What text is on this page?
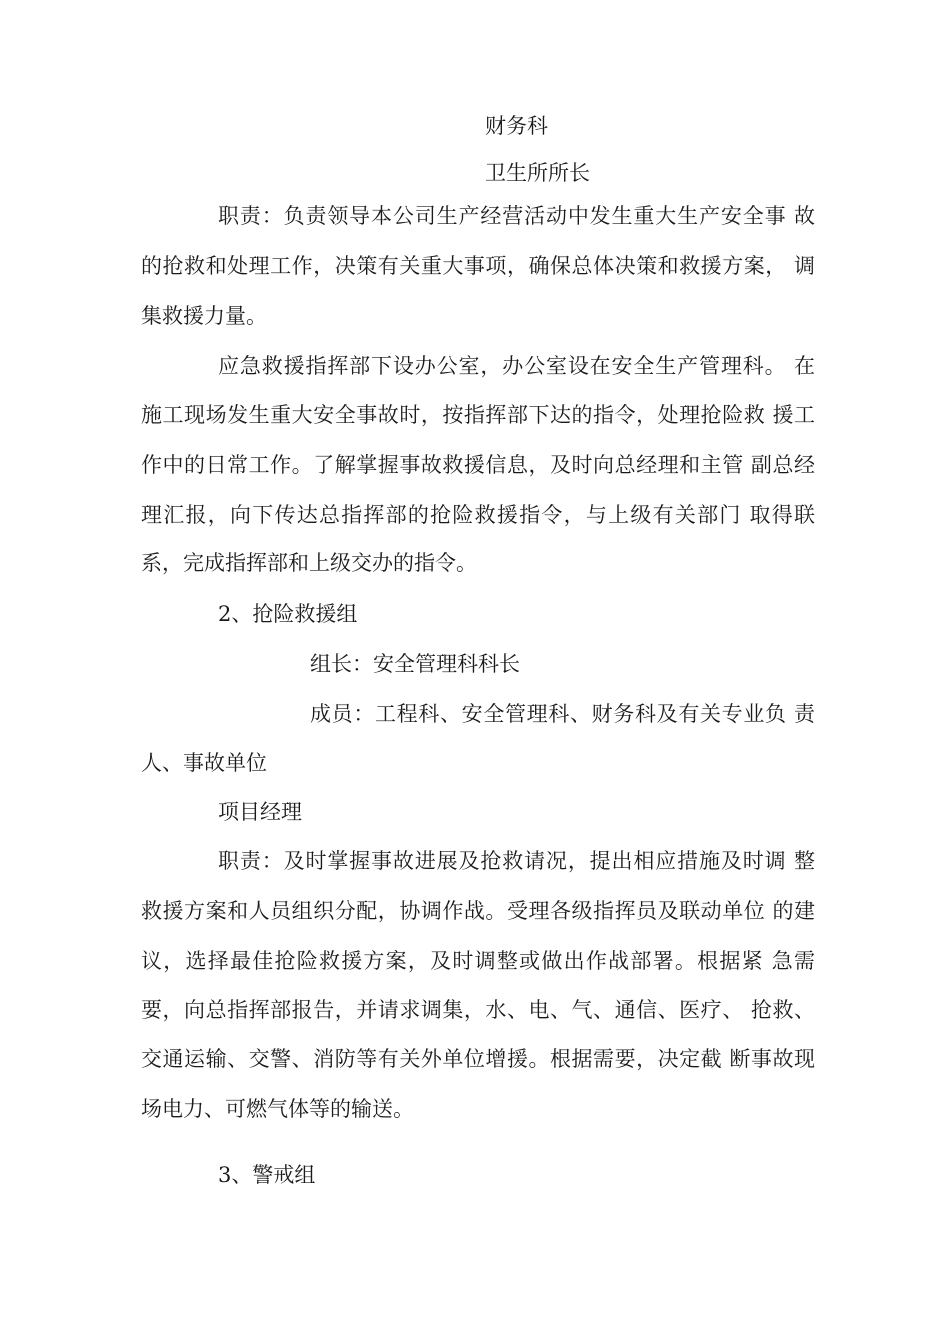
财务科

卫生所所长

职责：负责领导本公司生产经营活动中发生重大生产安全事 故

的抢救和处理工作，决策有关重大事项，确保总体决策和救援方案， 调

集救援力量。

应急救援指挥部下设办公室，办公室设在安全生产管理科。 在

施工现场发生重大安全事故时，按指挥部下达的指令，处理抢险救 援工

作中的日常工作。了解掌握事故救援信息，及时向总经理和主管 副总经

理汇报，向下传达总指挥部的抢险救援指令，与上级有关部门 取得联

系，完成指挥部和上级交办的指令。

2、抢险救援组

组长：安全管理科科长

成员：工程科、安全管理科、财务科及有关专业负 责

人、事故单位

项目经理

职责：及时掌握事故进展及抢救请况，提出相应措施及时调 整

救援方案和人员组织分配，协调作战。受理各级指挥员及联动单位 的建

议，选择最佳抢险救援方案，及时调整或做出作战部署。根据紧 急需

要，向总指挥部报告，并请求调集，水、电、气、通信、医疗、 抢救、

交通运输、交警、消防等有关外单位增援。根据需要，决定截 断事故现

场电力、可燃气体等的输送。

3、警戒组
